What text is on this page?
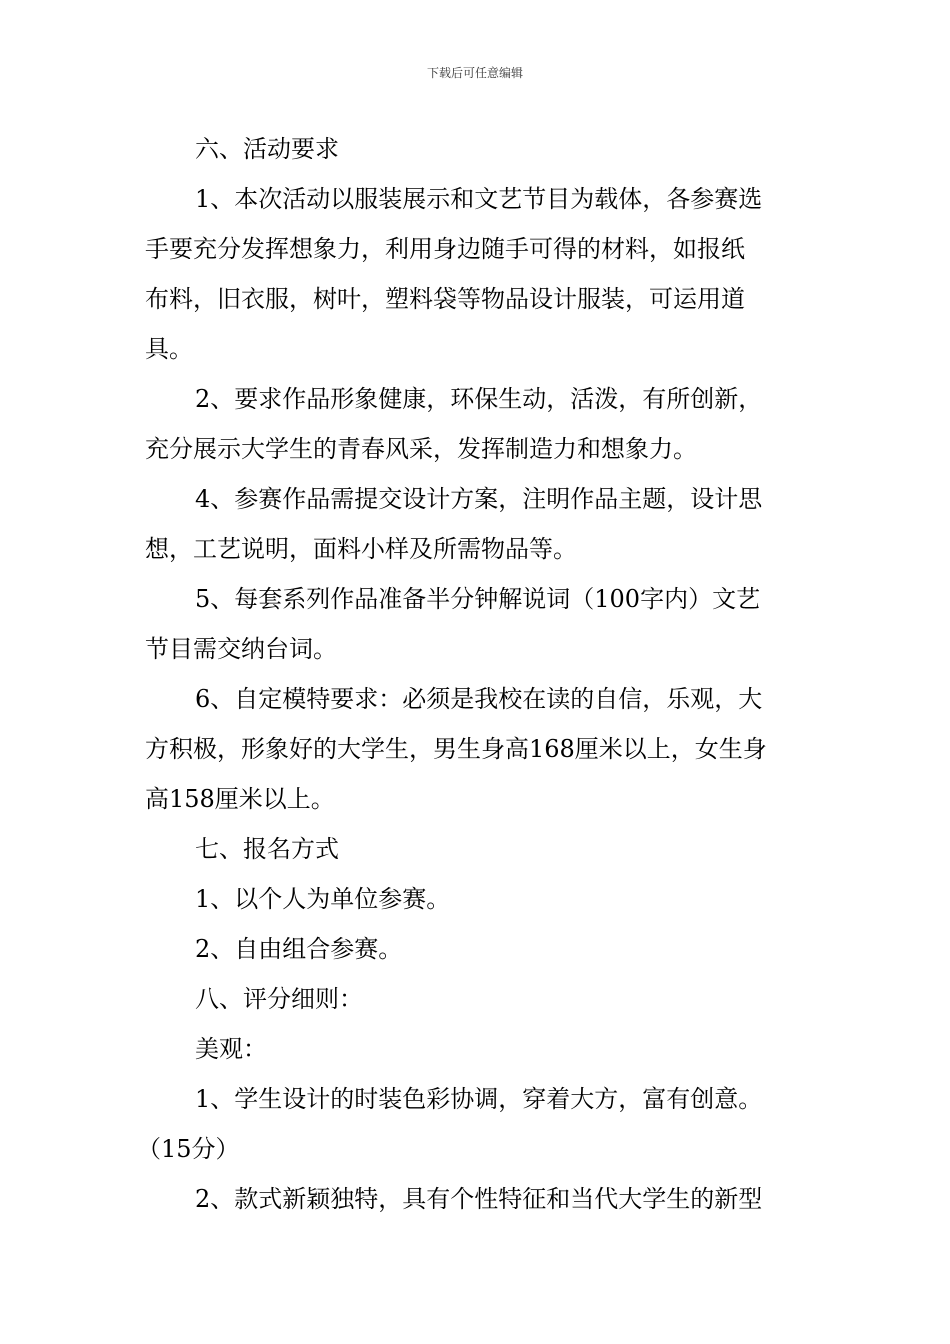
下载后可任意编辑
六、活动要求
1、本次活动以服装展示和文艺节目为载体，各参赛选
手要充分发挥想象力，利用身边随手可得的材料，如报纸
布料，旧衣服，树叶，塑料袋等物品设计服装，可运用道
具。
2、要求作品形象健康，环保生动，活泼，有所创新，
充分展示大学生的青春风采，发挥制造力和想象力。
4、参赛作品需提交设计方案，注明作品主题，设计思
想，工艺说明，面料小样及所需物品等。
5、每套系列作品准备半分钟解说词（100字内）文艺
节目需交纳台词。
6、自定模特要求：必须是我校在读的自信，乐观，大
方积极，形象好的大学生，男生身高168厘米以上，女生身
高158厘米以上。
七、报名方式
1、以个人为单位参赛。
2、自由组合参赛。
八、评分细则：
美观：
1、学生设计的时装色彩协调，穿着大方，富有创意。
（15分）
2、款式新颖独特，具有个性特征和当代大学生的新型
